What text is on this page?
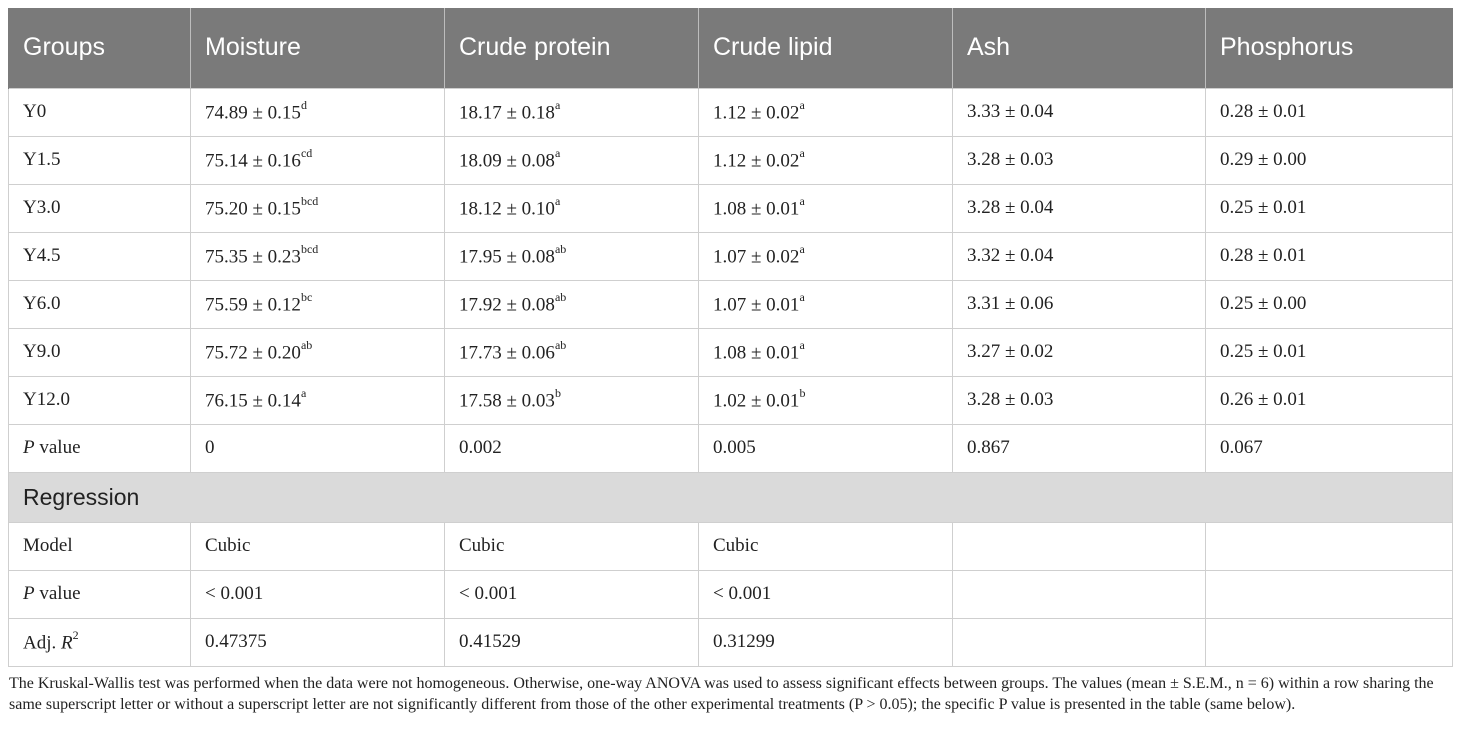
Groups	Moisture	Crude protein	Crude lipid	Ash	Phosphorus
Y0	74.89 ± 0.15$^d$	18.17 ± 0.18$^a$	1.12 ± 0.02$^a$	3.33 ± 0.04	0.28 ± 0.01
Y1.5	75.14 ± 0.16$^{cd}$	18.09 ± 0.08$^a$	1.12 ± 0.02$^a$	3.28 ± 0.03	0.29 ± 0.00
Y3.0	75.20 ± 0.15$^{bcd}$	18.12 ± 0.10$^a$	1.08 ± 0.01$^a$	3.28 ± 0.04	0.25 ± 0.01
Y4.5	75.35 ± 0.23$^{bcd}$	17.95 ± 0.08$^{ab}$	1.07 ± 0.02$^a$	3.32 ± 0.04	0.28 ± 0.01
Y6.0	75.59 ± 0.12$^{bc}$	17.92 ± 0.08$^{ab}$	1.07 ± 0.01$^a$	3.31 ± 0.06	0.25 ± 0.00
Y9.0	75.72 ± 0.20$^{ab}$	17.73 ± 0.06$^{ab}$	1.08 ± 0.01$^a$	3.27 ± 0.02	0.25 ± 0.01
Y12.0	76.15 ± 0.14$^a$	17.58 ± 0.03$^b$	1.02 ± 0.01$^b$	3.28 ± 0.03	0.26 ± 0.01
P value	0	0.002	0.005	0.867	0.067
Regression					
Model	Cubic	Cubic	Cubic		
P value	< 0.001	< 0.001	< 0.001		
Adj. $R^2$	0.47375	0.41529	0.31299		
The Kruskal-Wallis test was performed when the data were not homogeneous. Otherwise, one-way ANOVA was used to assess significant effects between groups. The values (mean ± S.E.M., n = 6) within a row sharing the same superscript letter or without a superscript letter are not significantly different from those of the other experimental treatments (P > 0.05); the specific P value is presented in the table (same below).
